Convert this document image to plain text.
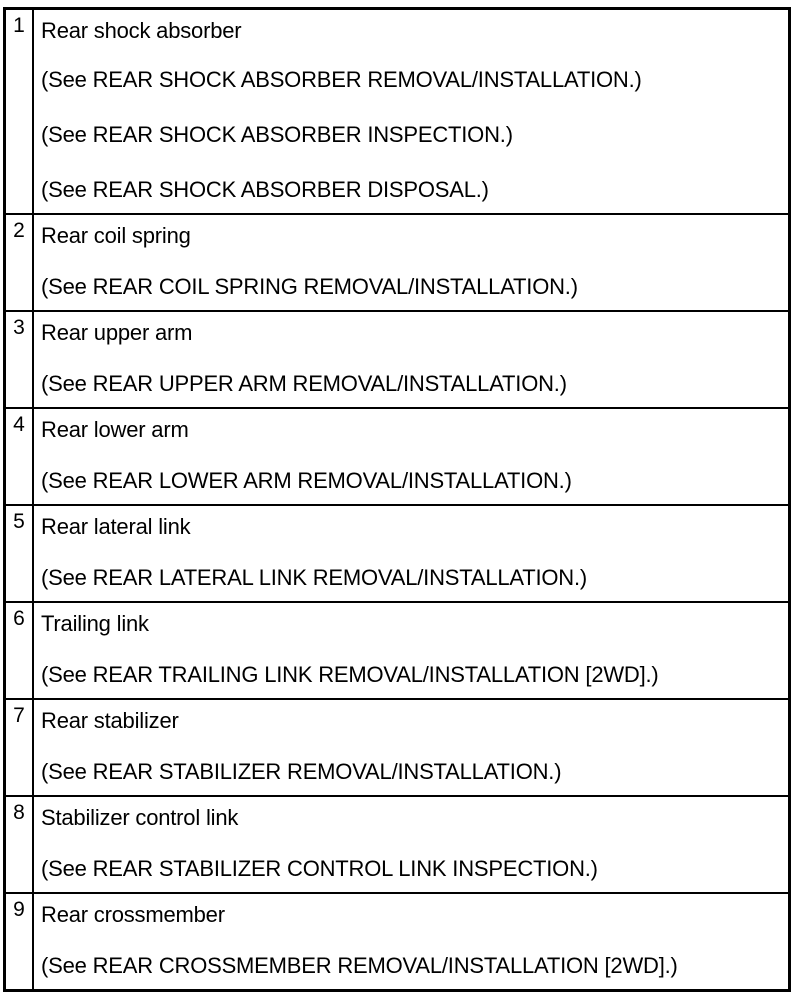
1	Rear shock absorber
(See REAR SHOCK ABSORBER REMOVAL/INSTALLATION.)
(See REAR SHOCK ABSORBER INSPECTION.)
(See REAR SHOCK ABSORBER DISPOSAL.)

2	Rear coil spring
(See REAR COIL SPRING REMOVAL/INSTALLATION.)

3	Rear upper arm
(See REAR UPPER ARM REMOVAL/INSTALLATION.)

4	Rear lower arm
(See REAR LOWER ARM REMOVAL/INSTALLATION.)

5	Rear lateral link
(See REAR LATERAL LINK REMOVAL/INSTALLATION.)

6	Trailing link
(See REAR TRAILING LINK REMOVAL/INSTALLATION [2WD].)

7	Rear stabilizer
(See REAR STABILIZER REMOVAL/INSTALLATION.)

8	Stabilizer control link
(See REAR STABILIZER CONTROL LINK INSPECTION.)

9	Rear crossmember
(See REAR CROSSMEMBER REMOVAL/INSTALLATION [2WD].)
